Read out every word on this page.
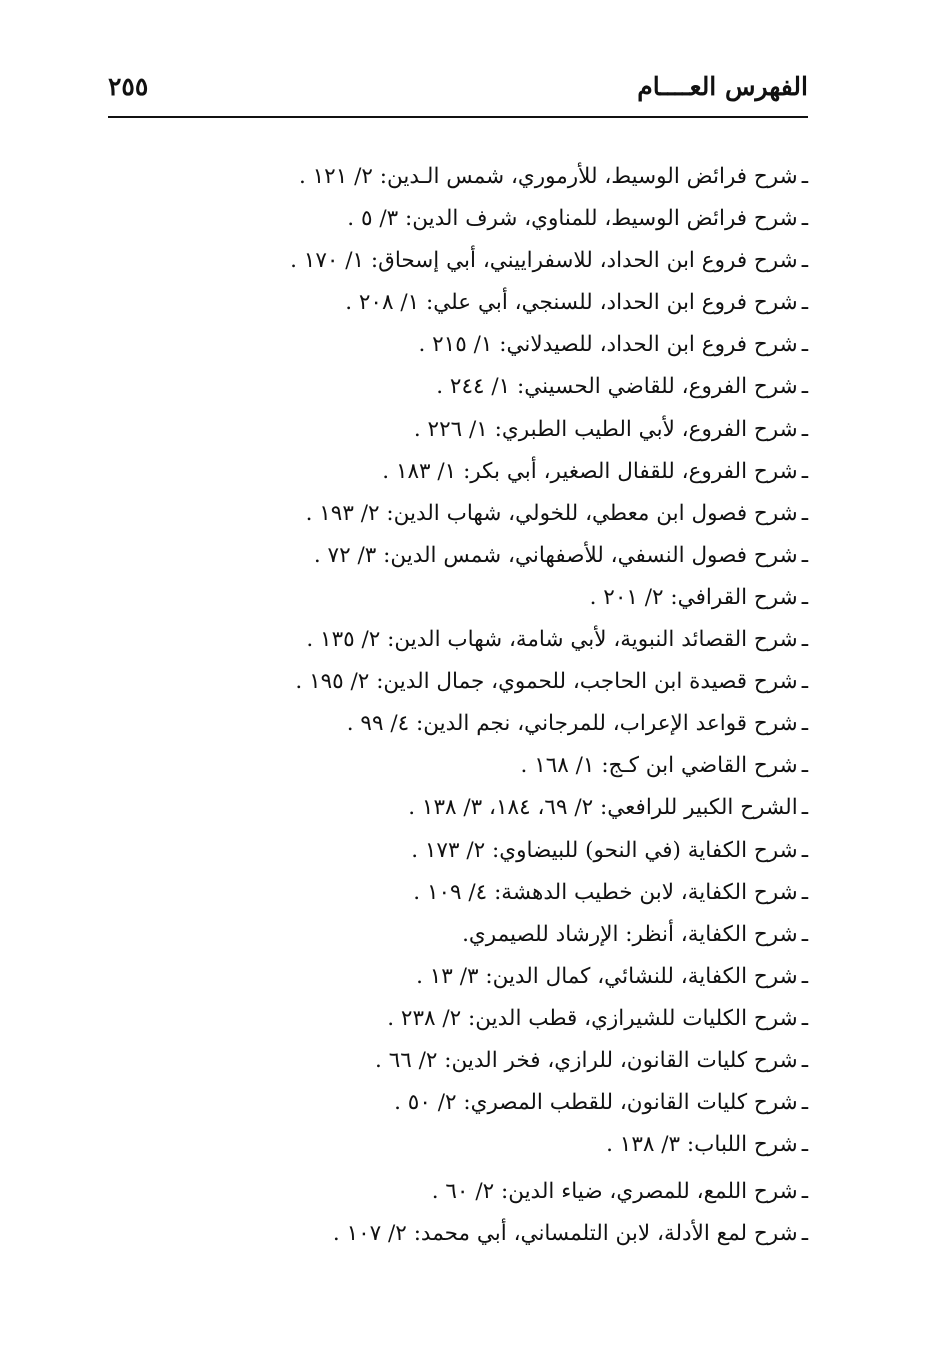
الفهرس العــــام
٢٥٥
ـشرح فرائض الوسيط، للأرموري، شمس الـدين: ٢/ ١٢١ .
ـشرح فرائض الوسيط، للمناوي، شرف الدين: ٣/ ٥ .
ـشرح فروع ابن الحداد، للاسفراييني، أبي إسحاق: ١/ ١٧٠ .
ـشرح فروع ابن الحداد، للسنجي، أبي علي: ١/ ٢٠٨ .
ـشرح فروع ابن الحداد، للصيدلاني: ١/ ٢١٥ .
ـشرح الفروع، للقاضي الحسيني: ١/ ٢٤٤ .
ـشرح الفروع، لأبي الطيب الطبري: ١/ ٢٢٦ .
ـشرح الفروع، للقفال الصغير، أبي بكر: ١/ ١٨٣ .
ـشرح فصول ابن معطي، للخولي، شهاب الدين: ٢/ ١٩٣ .
ـشرح فصول النسفي، للأصفهاني، شمس الدين: ٣/ ٧٢ .
ـشرح القرافي: ٢/ ٢٠١ .
ـشرح القصائد النبوية، لأبي شامة، شهاب الدين: ٢/ ١٣٥ .
ـشرح قصيدة ابن الحاجب، للحموي، جمال الدين: ٢/ ١٩٥ .
ـشرح قواعد الإعراب، للمرجاني، نجم الدين: ٤/ ٩٩ .
ـشرح القاضي ابن كـج: ١/ ١٦٨ .
ـالشرح الكبير للرافعي: ٢/ ٦٩، ١٨٤، ٣/ ١٣٨ .
ـشرح الكفاية (في النحو) للبيضاوي: ٢/ ١٧٣ .
ـشرح الكفاية، لابن خطيب الدهشة: ٤/ ١٠٩ .
ـشرح الكفاية، أنظر: الإرشاد للصيمري.
ـشرح الكفاية، للنشائي، كمال الدين: ٣/ ١٣ .
ـشرح الكليات للشيرازي، قطب الدين: ٢/ ٢٣٨ .
ـشرح كليات القانون، للرازي، فخر الدين: ٢/ ٦٦ .
ـشرح كليات القانون، للقطب المصري: ٢/ ٥٠ .
ـشرح اللباب: ٣/ ١٣٨ .
ـشرح اللمع، للمصري، ضياء الدين: ٢/ ٦٠ .
ـشرح لمع الأدلة، لابن التلمساني، أبي محمد: ٢/ ١٠٧ .
